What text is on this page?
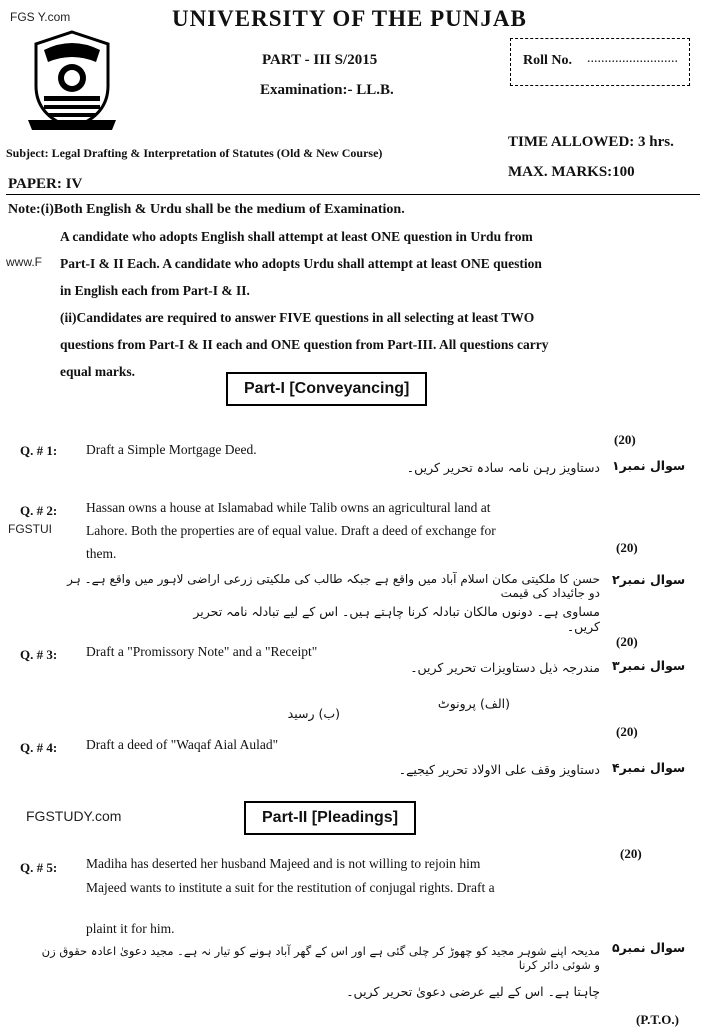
FGS Y.com
www.F
FGSTUI
FGSTUDY.com
UNIVERSITY OF THE PUNJAB
PART - III S/2015
Examination:- LL.B.
Roll No. ..........................
Subject: Legal Drafting & Interpretation of Statutes (Old & New Course)
TIME ALLOWED: 3 hrs.
PAPER: IV
MAX. MARKS:100
Note:(i)Both English & Urdu shall be the medium of Examination.
A candidate who adopts English shall attempt at least ONE question in Urdu from
Part-I & II Each. A candidate who adopts Urdu shall attempt at least ONE question
in English each from Part-I & II.
(ii)Candidates are required to answer FIVE questions in all selecting at least TWO
questions from Part-I & II each and ONE question from Part-III. All questions carry
equal marks.
Part-I [Conveyancing]
Q. # 1: Draft a Simple Mortgage Deed.
(20)
سوال نمبر۱
دستاویز رہن نامہ سادہ تحریر کریں۔
Q. # 2: Hassan owns a house at Islamabad while Talib owns an agricultural land at
Lahore. Both the properties are of equal value. Draft a deed of exchange for
them.	(20)
سوال نمبر۲
حسن کا ملکیتی مکان اسلام آباد میں واقع ہے جبکہ طالب کی ملکیتی زرعی اراضی لاہور میں واقع ہے۔ ہر دو جائیداد کی قیمت
مساوی ہے۔ دونوں مالکان تبادلہ کرنا چاہتے ہیں۔ اس کے لیے تبادلہ نامہ تحریر کریں۔
Q. # 3: Draft a "Promissory Note" and a "Receipt"
(20)
سوال نمبر۳
مندرجہ ذیل دستاویزات تحریر کریں۔
(الف) پرونوٹ
(ب) رسید
Q. # 4: Draft a deed of "Waqaf Aial Aulad"
(20)
سوال نمبر۴
دستاویز وقف علی الاولاد تحریر کیجیے۔
Part-II [Pleadings]
Q. # 5: Madiha has deserted her husband Majeed and is not willing to rejoin him
(20)
Majeed wants to institute a suit for the restitution of conjugal rights. Draft a
plaint it for him.
سوال نمبر۵
مدیحہ اپنے شوہر مجید کو چھوڑ کر چلی گئی ہے اور اس کے گھر آباد ہونے کو تیار نہ ہے۔ مجید دعویٰ اعادہ حقوق زن و شوئی دائر کرنا
چاہتا ہے۔ اس کے لیے عرضی دعویٰ تحریر کریں۔
(P.T.O.)
